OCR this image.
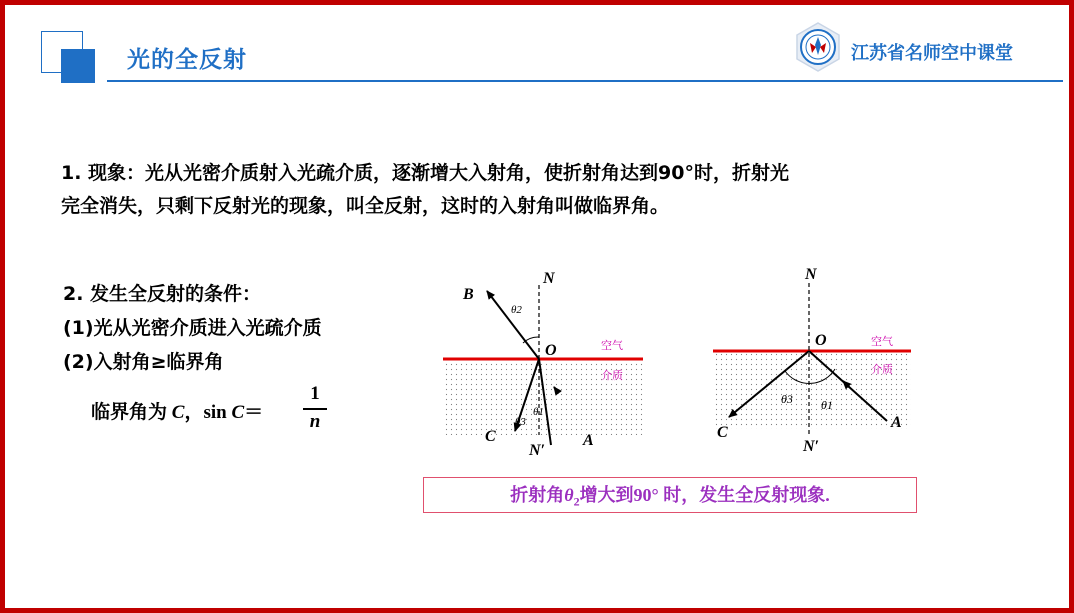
光的全反射	江苏省名师空中课堂
1. 现象：光从光密介质射入光疏介质，逐渐增大入射角，使折射角达到90°时，折射光
完全消失，只剩下反射光的现象，叫全反射，这时的入射角叫做临界角。
2. 发生全反射的条件：
(1)光从光密介质进入光疏介质
(2)入射角≥临界角
临界角为 C，sin C＝
1
n
N
B
θ2
O	空气
介质
θ1
θ3
C
N′
A
N
O	空气
介质
θ3 θ1
C
N′
A
折射角$\theta_2$增大到90° 时，发生全反射现象.
